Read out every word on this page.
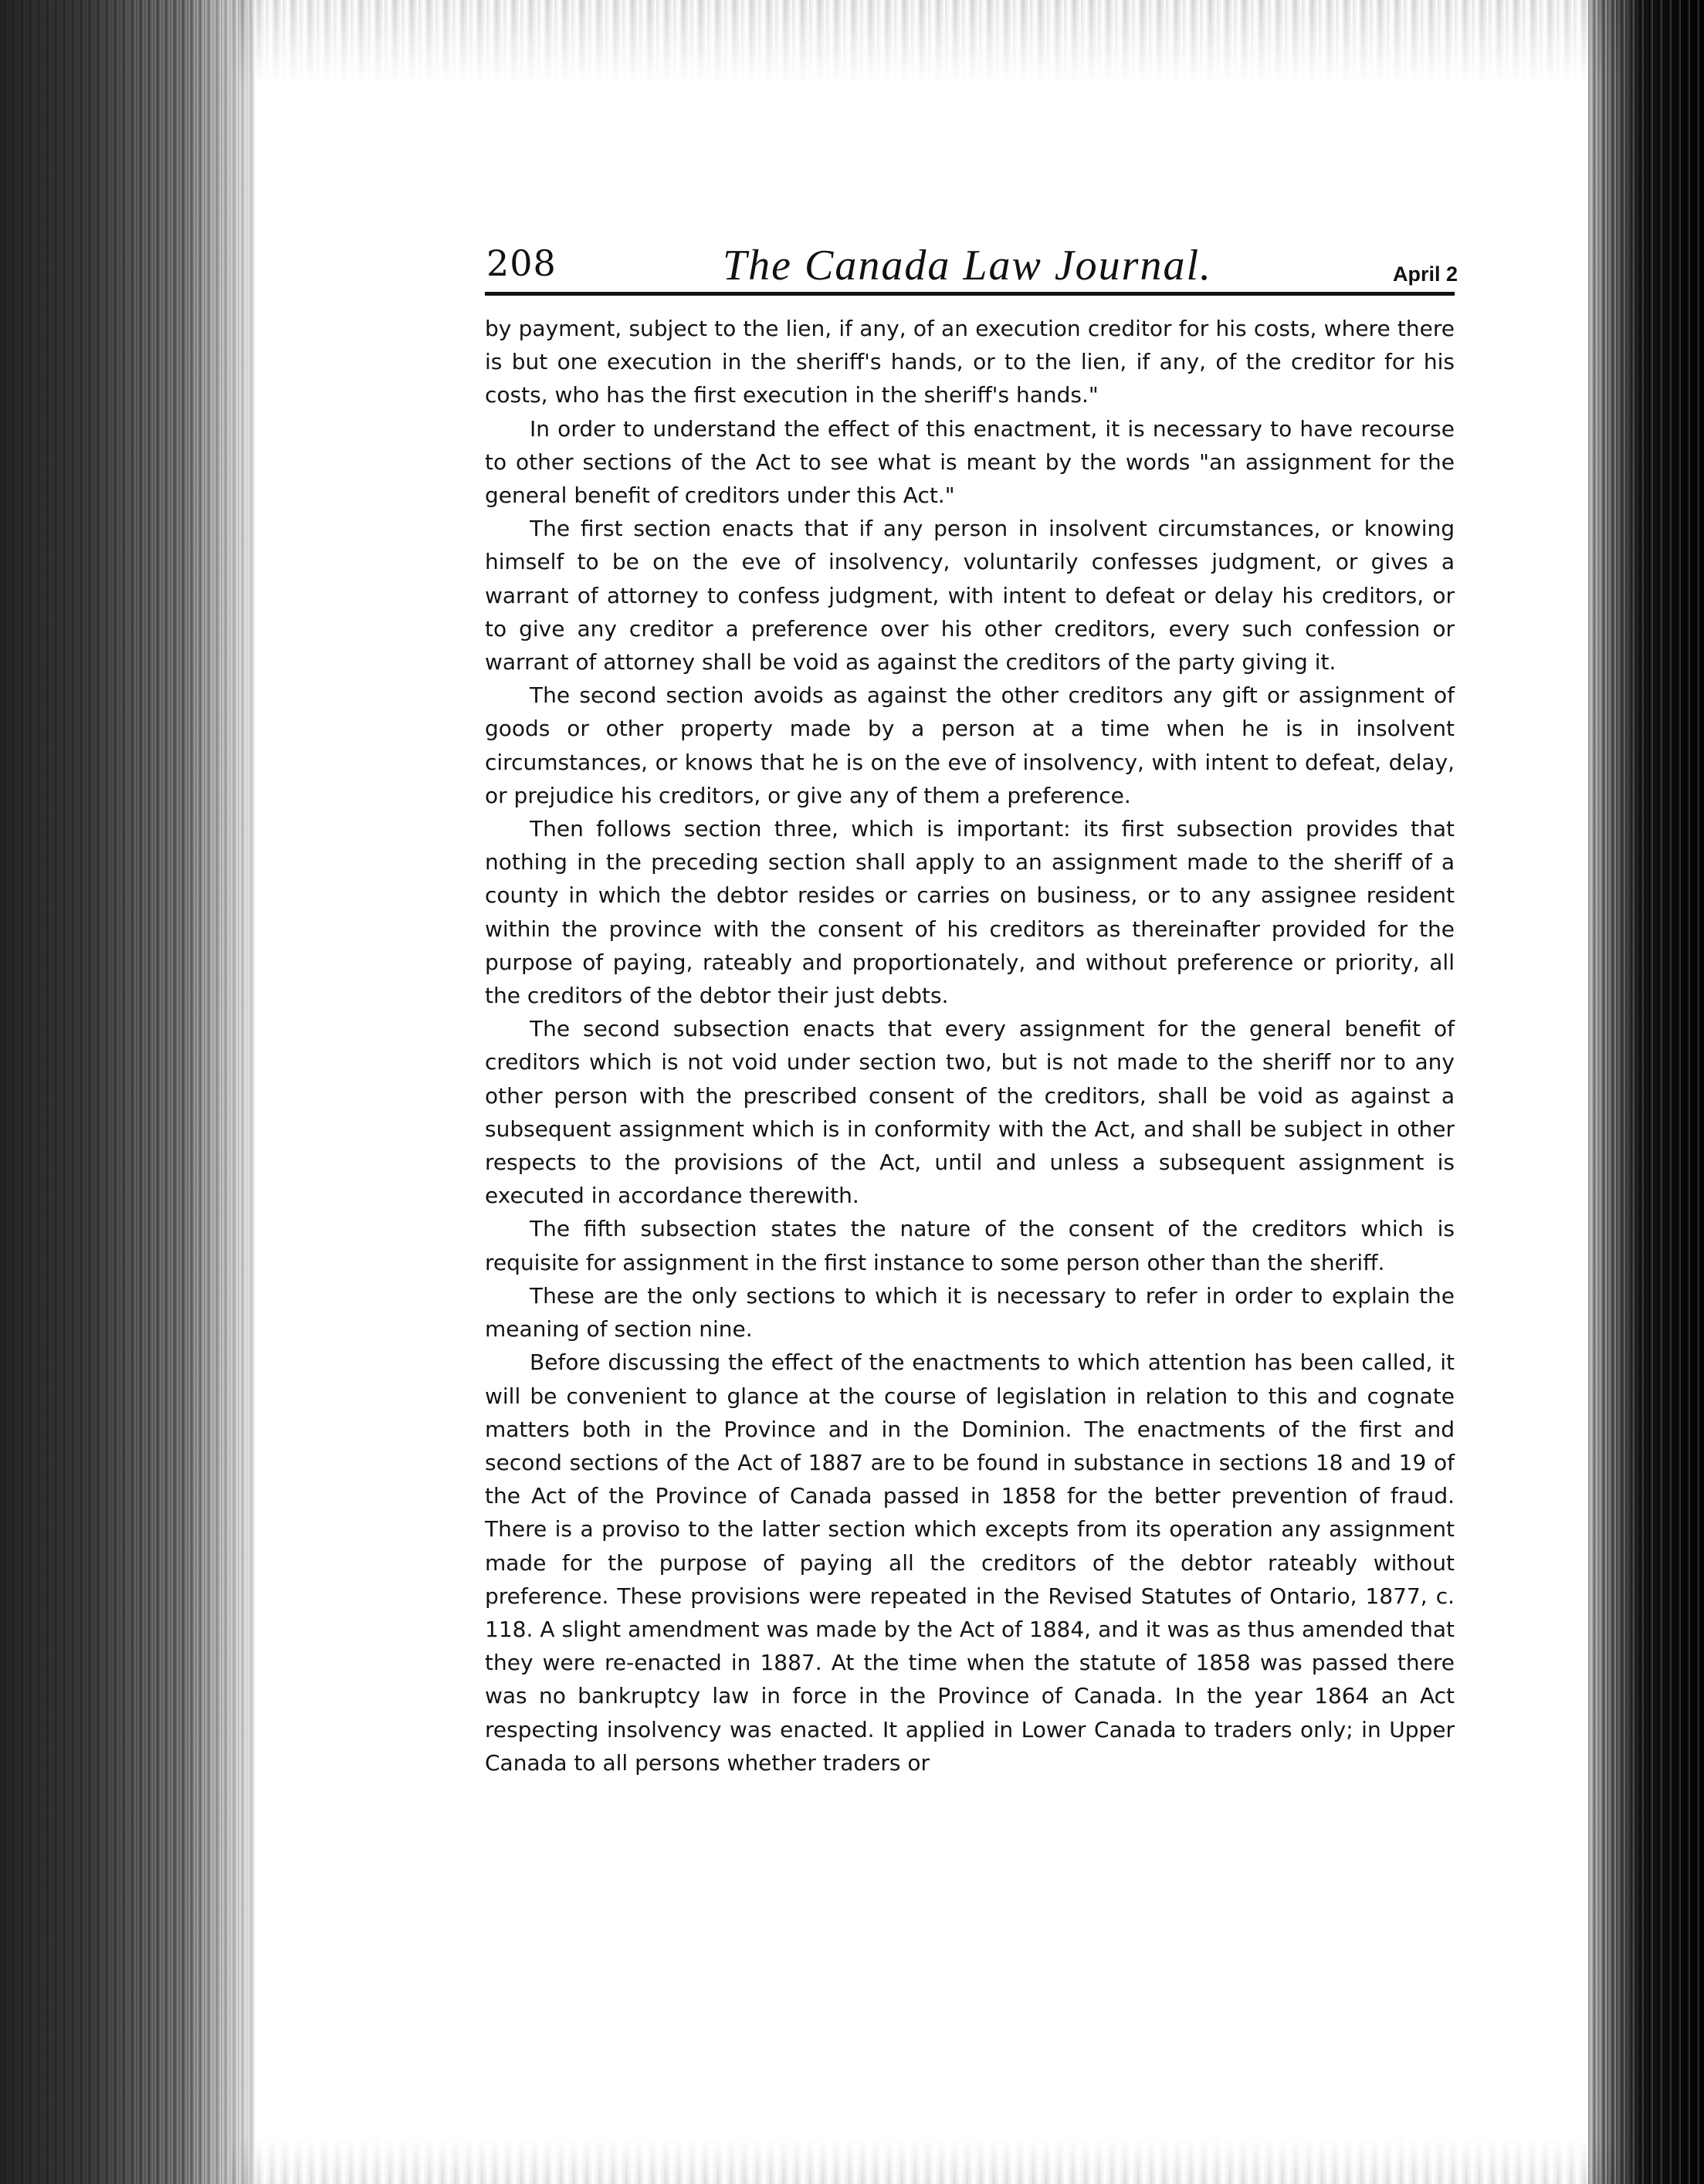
208	The Canada Law Journal.	April 2

by payment, subject to the lien, if any, of an execution creditor for his costs, where there is but one execution in the sheriff's hands, or to the lien, if any, of the creditor for his costs, who has the first execution in the sheriff's hands."

In order to understand the effect of this enactment, it is necessary to have recourse to other sections of the Act to see what is meant by the words "an assignment for the general benefit of creditors under this Act."

The first section enacts that if any person in insolvent circumstances, or knowing himself to be on the eve of insolvency, voluntarily confesses judgment, or gives a warrant of attorney to confess judgment, with intent to defeat or delay his creditors, or to give any creditor a preference over his other creditors, every such confession or warrant of attorney shall be void as against the creditors of the party giving it.

The second section avoids as against the other creditors any gift or assignment of goods or other property made by a person at a time when he is in insolvent circumstances, or knows that he is on the eve of insolvency, with intent to defeat, delay, or prejudice his creditors, or give any of them a preference.

Then follows section three, which is important: its first subsection provides that nothing in the preceding section shall apply to an assignment made to the sheriff of a county in which the debtor resides or carries on business, or to any assignee resident within the province with the consent of his creditors as thereinafter provided for the purpose of paying, rateably and proportionately, and without preference or priority, all the creditors of the debtor their just debts.

The second subsection enacts that every assignment for the general benefit of creditors which is not void under section two, but is not made to the sheriff nor to any other person with the prescribed consent of the creditors, shall be void as against a subsequent assignment which is in conformity with the Act, and shall be subject in other respects to the provisions of the Act, until and unless a subsequent assignment is executed in accordance therewith.

The fifth subsection states the nature of the consent of the creditors which is requisite for assignment in the first instance to some person other than the sheriff.

These are the only sections to which it is necessary to refer in order to explain the meaning of section nine.

Before discussing the effect of the enactments to which attention has been called, it will be convenient to glance at the course of legislation in relation to this and cognate matters both in the Province and in the Dominion. The enactments of the first and second sections of the Act of 1887 are to be found in substance in sections 18 and 19 of the Act of the Province of Canada passed in 1858 for the better prevention of fraud. There is a proviso to the latter section which excepts from its operation any assignment made for the purpose of paying all the creditors of the debtor rateably without preference. These provisions were repeated in the Revised Statutes of Ontario, 1877, c. 118. A slight amendment was made by the Act of 1884, and it was as thus amended that they were re-enacted in 1887. At the time when the statute of 1858 was passed there was no bankruptcy law in force in the Province of Canada. In the year 1864 an Act respecting insolvency was enacted. It applied in Lower Canada to traders only; in Upper Canada to all persons whether traders or
